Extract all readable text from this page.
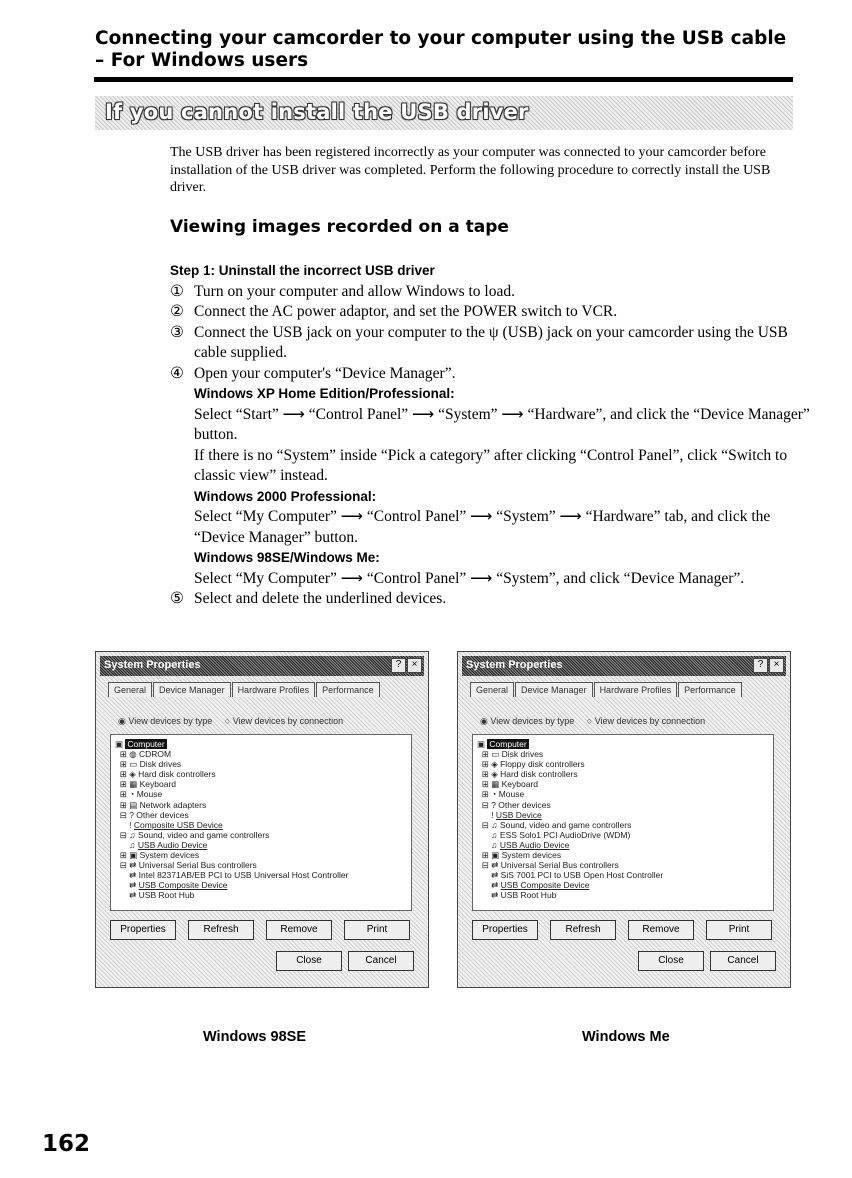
Connecting your camcorder to your computer using the USB cable
– For Windows users
If you cannot install the USB driver
The USB driver has been registered incorrectly as your computer was connected to your camcorder before installation of the USB driver was completed. Perform the following procedure to correctly install the USB driver.
Viewing images recorded on a tape
Step 1: Uninstall the incorrect USB driver
① Turn on your computer and allow Windows to load.
② Connect the AC power adaptor, and set the POWER switch to VCR.
③ Connect the USB jack on your computer to the ψ (USB) jack on your camcorder using the USB cable supplied.
④ Open your computer's “Device Manager”.
Windows XP Home Edition/Professional:
Select “Start” ⟶ “Control Panel” ⟶ “System” ⟶ “Hardware”, and click the “Device Manager” button.
If there is no “System” inside “Pick a category” after clicking “Control Panel”, click “Switch to classic view” instead.
Windows 2000 Professional:
Select “My Computer” ⟶ “Control Panel” ⟶ “System” ⟶ “Hardware” tab, and click the “Device Manager” button.
Windows 98SE/Windows Me:
Select “My Computer” ⟶ “Control Panel” ⟶ “System”, and click “Device Manager”.
⑤ Select and delete the underlined devices.
System Properties	?	×
General Device Manager Hardware Profiles Performance
◉ View devices by type ○ View devices by connection
▣ Computer
⊞ ◍ CDROM
⊞ ▭ Disk drives
⊞ ◈ Hard disk controllers
⊞ ▦ Keyboard
⊞ ◔ Mouse
⊞ ▤ Network adapters
⊟ ? Other devices
! Composite USB Device
⊟ ♫ Sound, video and game controllers
♫ USB Audio Device
⊞ ▣ System devices
⊟ ⇄ Universal Serial Bus controllers
⇄ Intel 82371AB/EB PCI to USB Universal Host Controller
⇄ USB Composite Device
⇄ USB Root Hub
Properties	Refresh	Remove	Print
Close	Cancel
Windows 98SE
System Properties	?	×
General Device Manager Hardware Profiles Performance
◉ View devices by type ○ View devices by connection
▣ Computer
⊞ ▭ Disk drives
⊞ ◈ Floppy disk controllers
⊞ ◈ Hard disk controllers
⊞ ▦ Keyboard
⊞ ◔ Mouse
⊟ ? Other devices
! USB Device
⊟ ♫ Sound, video and game controllers
♫ ESS Solo1 PCI AudioDrive (WDM)
♫ USB Audio Device
⊞ ▣ System devices
⊟ ⇄ Universal Serial Bus controllers
⇄ SiS 7001 PCI to USB Open Host Controller
⇄ USB Composite Device
⇄ USB Root Hub
Properties	Refresh	Remove	Print
Close	Cancel
Windows Me
162
